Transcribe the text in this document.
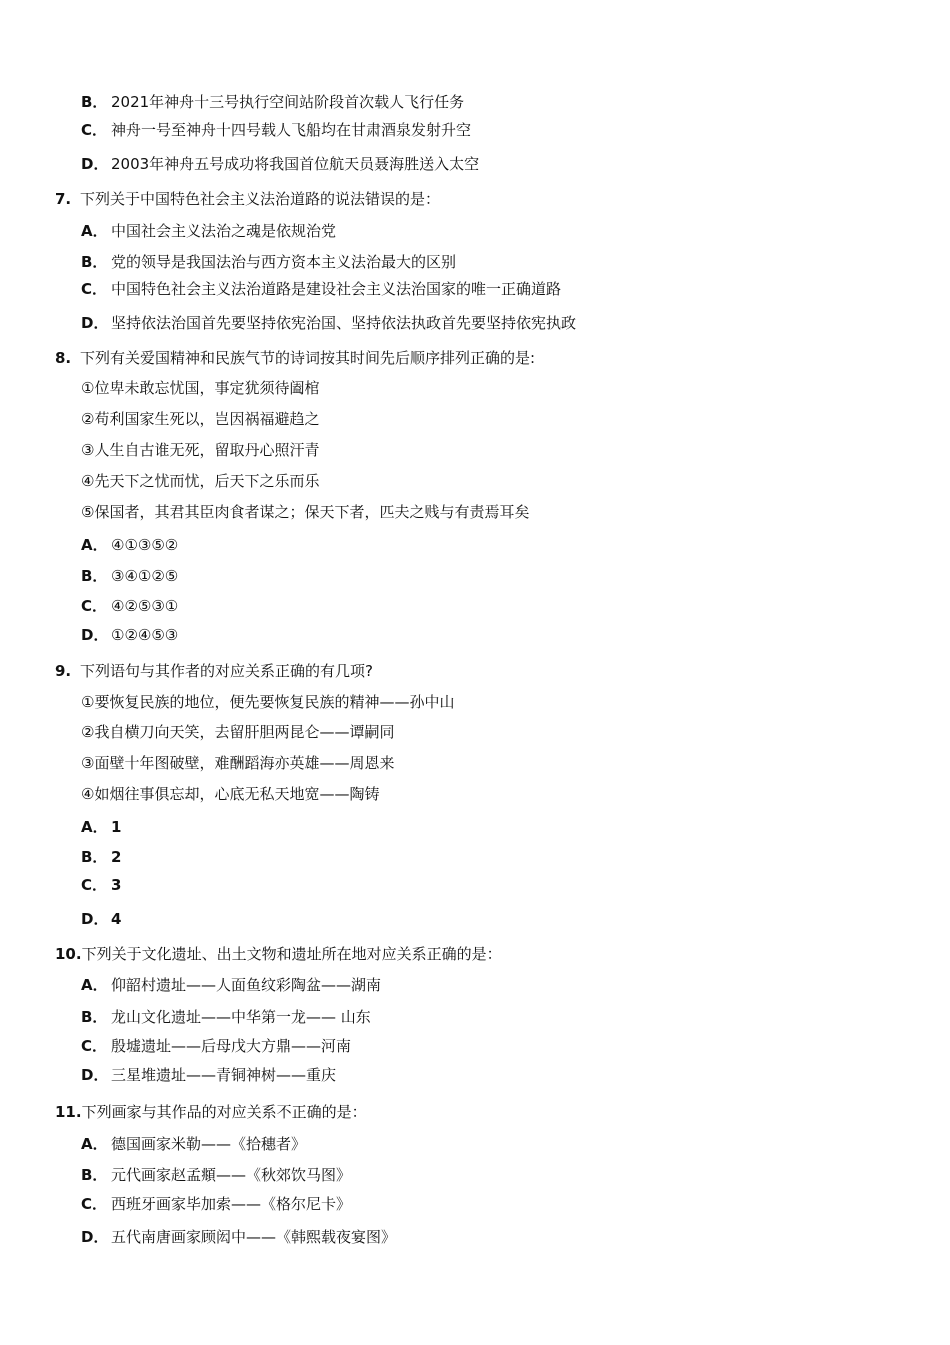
B． 2021年神舟十三号执行空间站阶段首次载人飞行任务
C． 神舟一号至神舟十四号载人飞船均在甘肃酒泉发射升空
D． 2003年神舟五号成功将我国首位航天员聂海胜送入太空
7. 下列关于中国特色社会主义法治道路的说法错误的是：
A． 中国社会主义法治之魂是依规治党
B． 党的领导是我国法治与西方资本主义法治最大的区别
C． 中国特色社会主义法治道路是建设社会主义法治国家的唯一正确道路
D． 坚持依法治国首先要坚持依宪治国、坚持依法执政首先要坚持依宪执政
8. 下列有关爱国精神和民族气节的诗词按其时间先后顺序排列正确的是:
①位卑未敢忘忧国，事定犹须待阖棺
②苟利国家生死以，岂因祸福避趋之
③人生自古谁无死，留取丹心照汗青
④先天下之忧而忧，后天下之乐而乐
⑤保国者，其君其臣肉食者谋之；保天下者，匹夫之贱与有责焉耳矣
A． ④①③⑤②
B． ③④①②⑤
C． ④②⑤③①
D． ①②④⑤③
9. 下列语句与其作者的对应关系正确的有几项?
①要恢复民族的地位，便先要恢复民族的精神——孙中山
②我自横刀向天笑，去留肝胆两昆仑——谭嗣同
③面壁十年图破壁，难酬蹈海亦英雄——周恩来
④如烟往事俱忘却，心底无私天地宽——陶铸
A． 1
B． 2
C． 3
D． 4
10.下列关于文化遗址、出土文物和遗址所在地对应关系正确的是：
A． 仰韶村遗址——人面鱼纹彩陶盆——湖南
B． 龙山文化遗址——中华第一龙—— 山东
C． 殷墟遗址——后母戊大方鼎——河南
D． 三星堆遗址——青铜神树——重庆
11.下列画家与其作品的对应关系不正确的是：
A． 德国画家米勒——《拾穗者》
B． 元代画家赵孟頫——《秋郊饮马图》
C． 西班牙画家毕加索——《格尔尼卡》
D． 五代南唐画家顾闳中——《韩熙载夜宴图》
